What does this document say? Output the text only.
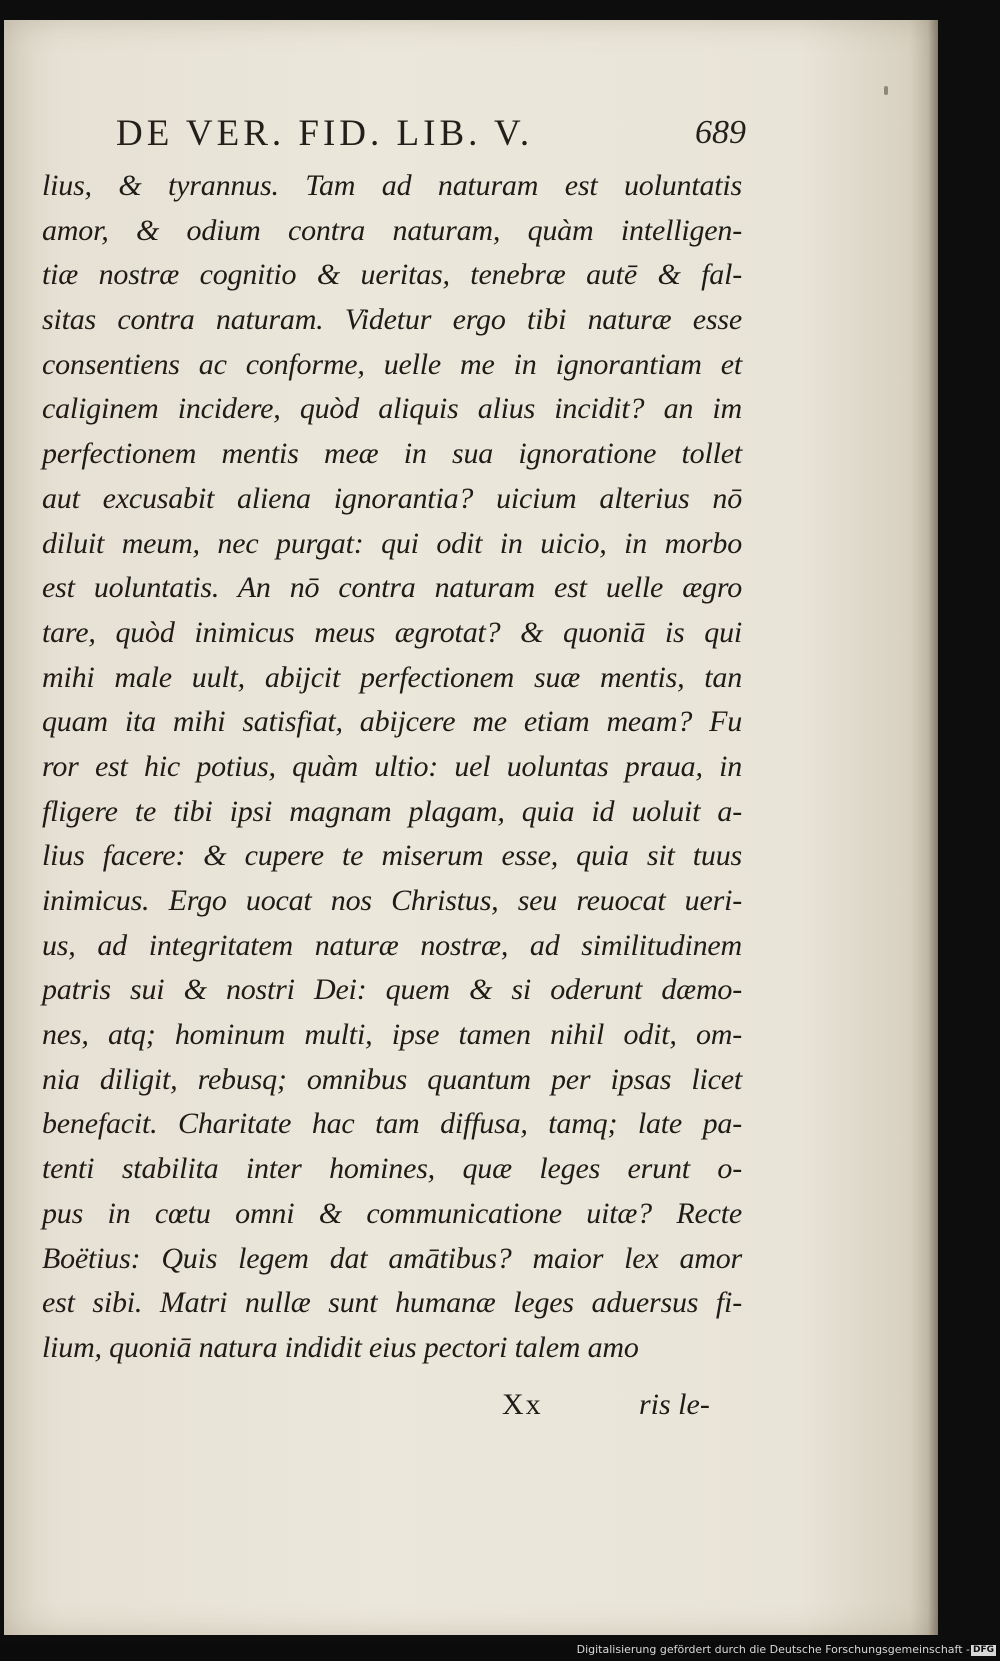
DE VER. FID. LIB. V.	689
lius, & tyrannus. Tam ad naturam est uoluntatis
amor, & odium contra naturam, quàm intelligen-
tiæ nostræ cognitio & ueritas, tenebræ autē & fal-
sitas contra naturam. Videtur ergo tibi naturæ esse
consentiens ac conforme, uelle me in ignorantiam et
caliginem incidere, quòd aliquis alius incidit? an im
perfectionem mentis meæ in sua ignoratione tollet
aut excusabit aliena ignorantia? uicium alterius nō
diluit meum, nec purgat: qui odit in uicio, in morbo
est uoluntatis. An nō contra naturam est uelle ægro
tare, quòd inimicus meus ægrotat? & quoniā is qui
mihi male uult, abijcit perfectionem suæ mentis, tan
quam ita mihi satisfiat, abijcere me etiam meam? Fu
ror est hic potius, quàm ultio: uel uoluntas praua, in
fligere te tibi ipsi magnam plagam, quia id uoluit a-
lius facere: & cupere te miserum esse, quia sit tuus
inimicus. Ergo uocat nos Christus, seu reuocat ueri-
us, ad integritatem naturæ nostræ, ad similitudinem
patris sui & nostri Dei: quem & si oderunt dæmo-
nes, atq; hominum multi, ipse tamen nihil odit, om-
nia diligit, rebusq; omnibus quantum per ipsas licet
benefacit. Charitate hac tam diffusa, tamq; late pa-
tenti stabilita inter homines, quæ leges erunt o-
pus in cœtu omni & communicatione uitæ? Recte
Boëtius: Quis legem dat amātibus? maior lex amor
est sibi. Matri nullæ sunt humanæ leges aduersus fi-
lium, quoniā natura indidit eius pectori talem amo
Xx	ris le-
Digitalisierung gefördert durch die Deutsche Forschungsgemeinschaft - DFG
